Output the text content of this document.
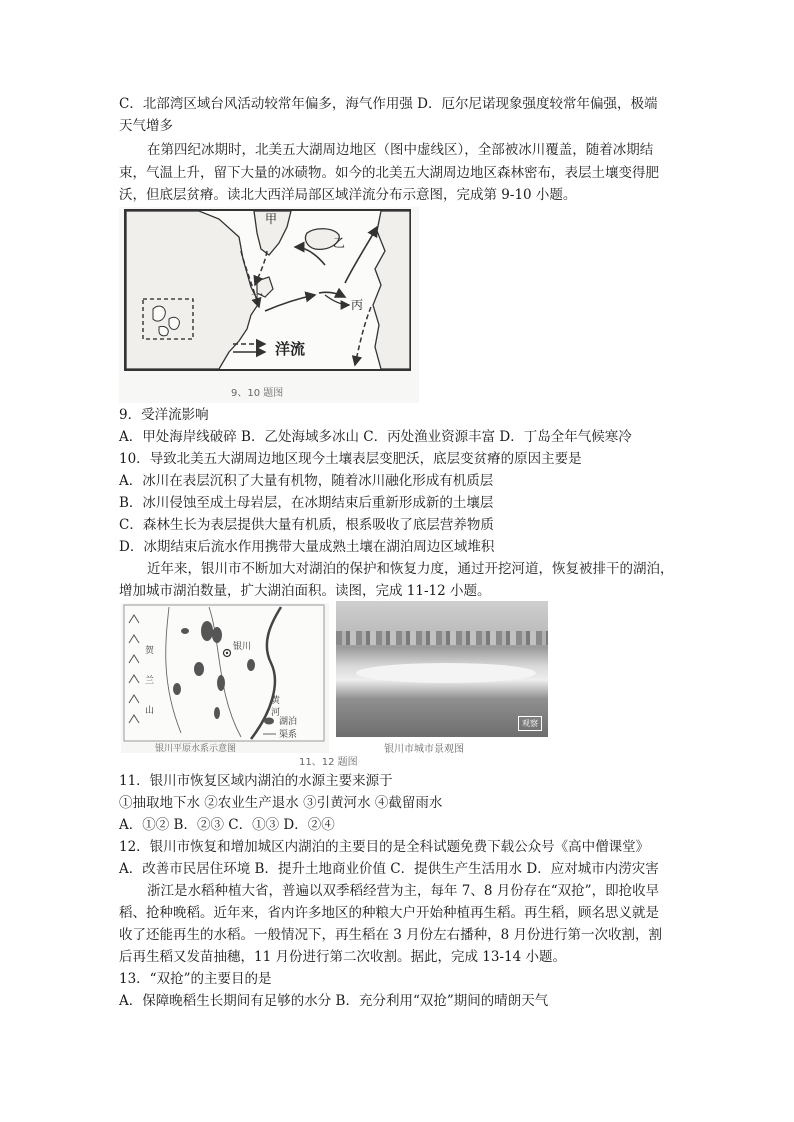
C．北部湾区域台风活动较常年偏多，海气作用强 D．厄尔尼诺现象强度较常年偏强，极端
天气增多
在第四纪冰期时，北美五大湖周边地区（图中虚线区），全部被冰川覆盖，随着冰期结
束，气温上升，留下大量的冰碛物。如今的北美五大湖周边地区森林密布，表层土壤变得肥
沃，但底层贫瘠。读北大西洋局部区域洋流分布示意图，完成第 9-10 小题。
甲
乙
丙
丁
洋流
9、10 题图
9．受洋流影响
A．甲处海岸线破碎 B．乙处海域多冰山 C．丙处渔业资源丰富 D．丁岛全年气候寒冷
10．导致北美五大湖周边地区现今土壤表层变肥沃，底层变贫瘠的原因主要是
A．冰川在表层沉积了大量有机物，随着冰川融化形成有机质层
B．冰川侵蚀至成土母岩层，在冰期结束后重新形成新的土壤层
C．森林生长为表层提供大量有机质，根系吸收了底层营养物质
D．冰期结束后流水作用携带大量成熟土壤在湖泊周边区域堆积
近年来，银川市不断加大对湖泊的保护和恢复力度，通过开挖河道，恢复被排干的湖泊，
增加城市湖泊数量，扩大湖泊面积。读图，完成 11-12 小题。
贺
兰
山
黄
河
银川
湖泊
渠系
银川平原水系示意图
观察
银川市城市景观图
11、12 题图
11．银川市恢复区域内湖泊的水源主要来源于
①抽取地下水 ②农业生产退水 ③引黄河水 ④截留雨水
A．①② B．②③ C．①③ D．②④
12．银川市恢复和增加城区内湖泊的主要目的是全科试题免费下载公众号《高中僧课堂》
A．改善市民居住环境 B．提升土地商业价值 C．提供生产生活用水 D．应对城市内涝灾害
浙江是水稻种植大省，普遍以双季稻经营为主，每年 7、8 月份存在“双抢”，即抢收早
稻、抢种晚稻。近年来，省内许多地区的种粮大户开始种植再生稻。再生稻，顾名思义就是
收了还能再生的水稻。一般情况下，再生稻在 3 月份左右播种，8 月份进行第一次收割，割
后再生稻又发苗抽穗，11 月份进行第二次收割。据此，完成 13-14 小题。
13．“双抢”的主要目的是
A．保障晚稻生长期间有足够的水分 B．充分利用“双抢”期间的晴朗天气
